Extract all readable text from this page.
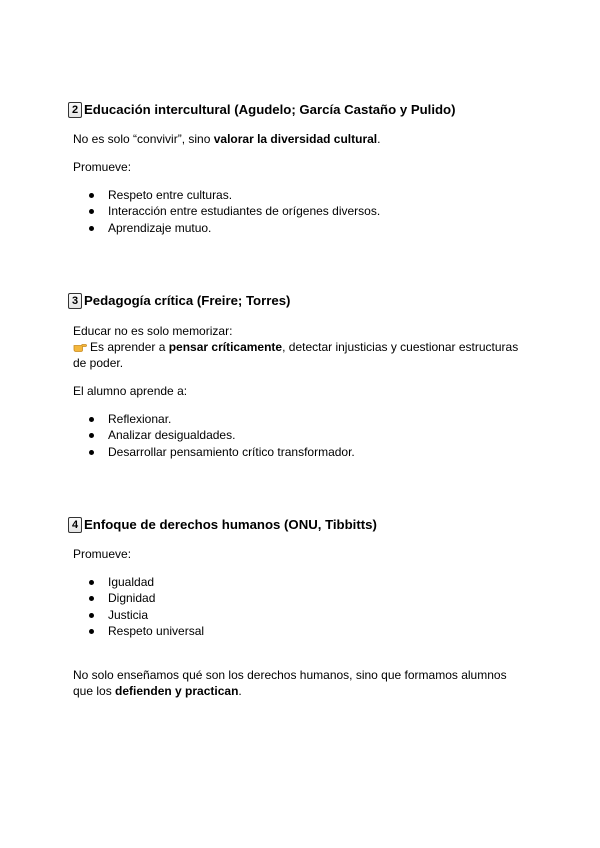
2 Educación intercultural (Agudelo; García Castaño y Pulido)

No es solo “convivir”, sino valorar la diversidad cultural.

Promueve:

Respeto entre culturas.
Interacción entre estudiantes de orígenes diversos.
Aprendizaje mutuo.
3 Pedagogía crítica (Freire; Torres)

Educar no es solo memorizar:

Es aprender a pensar críticamente, detectar injusticias y cuestionar estructuras
de poder.

El alumno aprende a:

Reflexionar.
Analizar desigualdades.
Desarrollar pensamiento crítico transformador.
4 Enfoque de derechos humanos (ONU, Tibbitts)

Promueve:

Igualdad
Dignidad
Justicia
Respeto universal

No solo enseñamos qué son los derechos humanos, sino que formamos alumnos
que los defienden y practican.
